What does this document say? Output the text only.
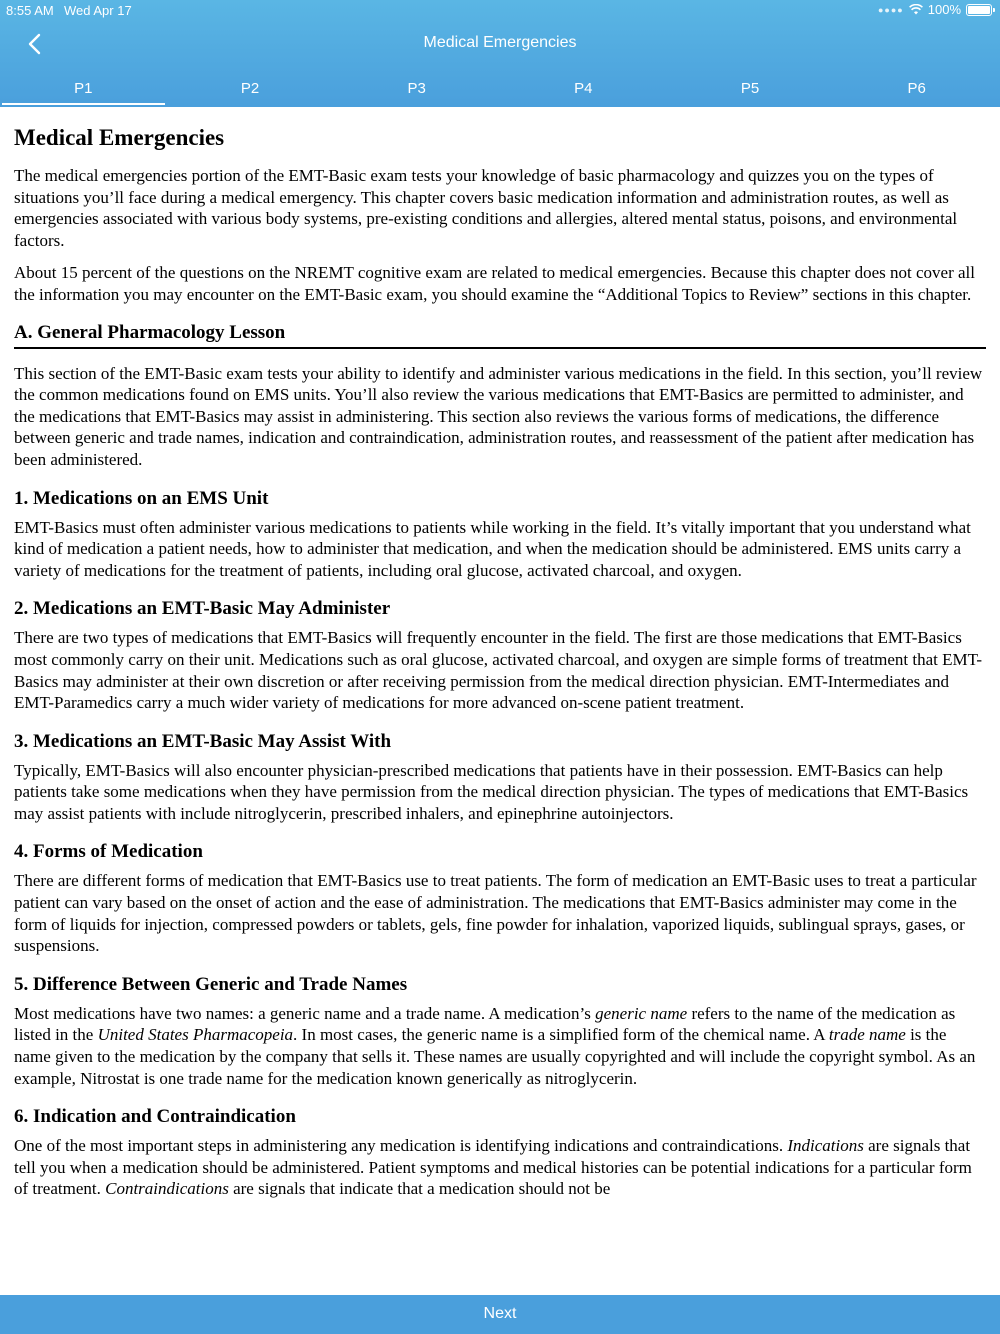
8:55 AM Wed Apr 17	●●●● 100%
Medical Emergencies
P1	P2	P3	P4	P5	P6
Medical Emergencies

The medical emergencies portion of the EMT-Basic exam tests your knowledge of basic pharmacology and quizzes you on the types of situations you’ll face during a medical emergency. This chapter covers basic medication information and administration routes, as well as emergencies associated with various body systems, pre-existing conditions and allergies, altered mental status, poisons, and environmental factors.

About 15 percent of the questions on the NREMT cognitive exam are related to medical emergencies. Because this chapter does not cover all the information you may encounter on the EMT-Basic exam, you should examine the “Additional Topics to Review” sections in this chapter.

A. General Pharmacology Lesson

This section of the EMT-Basic exam tests your ability to identify and administer various medications in the field. In this section, you’ll review the common medications found on EMS units. You’ll also review the various medications that EMT-Basics are permitted to administer, and the medications that EMT-Basics may assist in administering. This section also reviews the various forms of medications, the difference between generic and trade names, indication and contraindication, administration routes, and reassessment of the patient after medication has been administered.

1. Medications on an EMS Unit

EMT-Basics must often administer various medications to patients while working in the field. It’s vitally important that you understand what kind of medication a patient needs, how to administer that medication, and when the medication should be administered. EMS units carry a variety of medications for the treatment of patients, including oral glucose, activated charcoal, and oxygen.

2. Medications an EMT-Basic May Administer

There are two types of medications that EMT-Basics will frequently encounter in the field. The first are those medications that EMT-Basics most commonly carry on their unit. Medications such as oral glucose, activated charcoal, and oxygen are simple forms of treatment that EMT-Basics may administer at their own discretion or after receiving permission from the medical direction physician. EMT-Intermediates and EMT-Paramedics carry a much wider variety of medications for more advanced on-scene patient treatment.

3. Medications an EMT-Basic May Assist With

Typically, EMT-Basics will also encounter physician-prescribed medications that patients have in their possession. EMT-Basics can help patients take some medications when they have permission from the medical direction physician. The types of medications that EMT-Basics may assist patients with include nitroglycerin, prescribed inhalers, and epinephrine autoinjectors.

4. Forms of Medication

There are different forms of medication that EMT-Basics use to treat patients. The form of medication an EMT-Basic uses to treat a particular patient can vary based on the onset of action and the ease of administration. The medications that EMT-Basics administer may come in the form of liquids for injection, compressed powders or tablets, gels, fine powder for inhalation, vaporized liquids, sublingual sprays, gases, or suspensions.

5. Difference Between Generic and Trade Names

Most medications have two names: a generic name and a trade name. A medication’s generic name refers to the name of the medication as listed in the United States Pharmacopeia. In most cases, the generic name is a simplified form of the chemical name. A trade name is the name given to the medication by the company that sells it. These names are usually copyrighted and will include the copyright symbol. As an example, Nitrostat is one trade name for the medication known generically as nitroglycerin.

6. Indication and Contraindication

One of the most important steps in administering any medication is identifying indications and contraindications. Indications are signals that tell you when a medication should be administered. Patient symptoms and medical histories can be potential indications for a particular form of treatment. Contraindications are signals that indicate that a medication should not be

Next
